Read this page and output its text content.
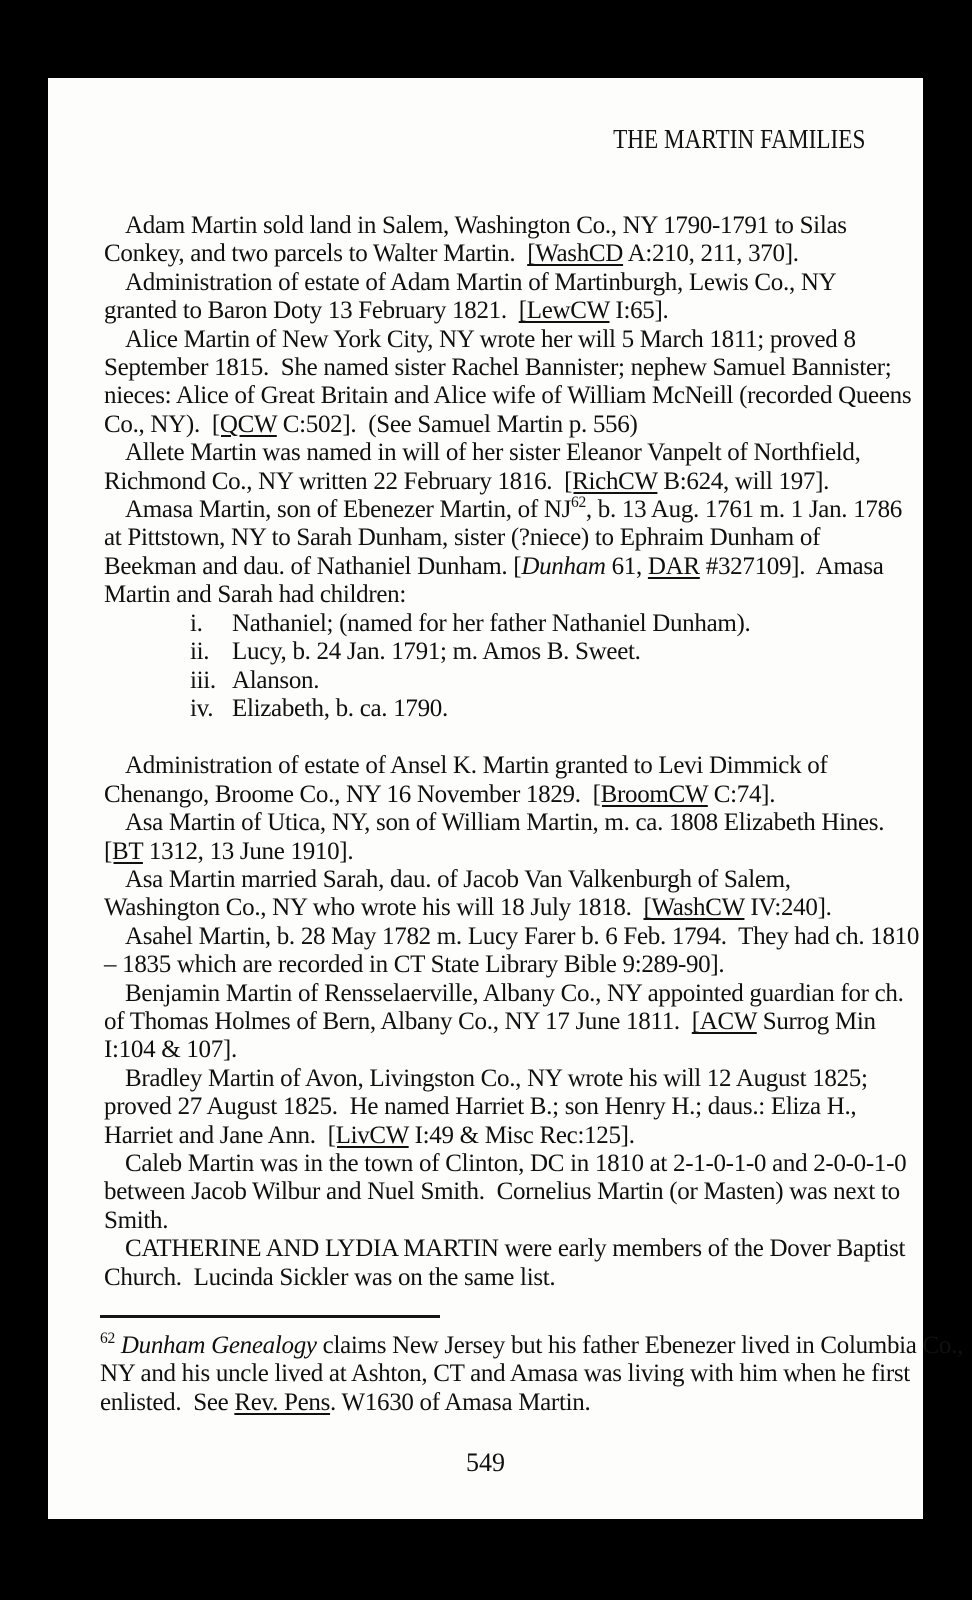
THE MARTIN FAMILIES
Adam Martin sold land in Salem, Washington Co., NY 1790-1791 to Silas
Conkey, and two parcels to Walter Martin.  [WashCD A:210, 211, 370].
Administration of estate of Adam Martin of Martinburgh, Lewis Co., NY
granted to Baron Doty 13 February 1821.  [LewCW I:65].
Alice Martin of New York City, NY wrote her will 5 March 1811; proved 8
September 1815.  She named sister Rachel Bannister; nephew Samuel Bannister;
nieces: Alice of Great Britain and Alice wife of William McNeill (recorded Queens
Co., NY).  [QCW C:502].  (See Samuel Martin p. 556)
Allete Martin was named in will of her sister Eleanor Vanpelt of Northfield,
Richmond Co., NY written 22 February 1816.  [RichCW B:624, will 197].
Amasa Martin, son of Ebenezer Martin, of NJ$^{62}$, b. 13 Aug. 1761 m. 1 Jan. 1786
at Pittstown, NY to Sarah Dunham, sister (?niece) to Ephraim Dunham of
Beekman and dau. of Nathaniel Dunham. [Dunham 61, DAR #327109].  Amasa
Martin and Sarah had children:
i.	Nathaniel; (named for her father Nathaniel Dunham).
ii. Lucy, b. 24 Jan. 1791; m. Amos B. Sweet.
iii. Alanson.
iv. Elizabeth, b. ca. 1790.
Administration of estate of Ansel K. Martin granted to Levi Dimmick of
Chenango, Broome Co., NY 16 November 1829.  [BroomCW C:74].
Asa Martin of Utica, NY, son of William Martin, m. ca. 1808 Elizabeth Hines.
[BT 1312, 13 June 1910].
Asa Martin married Sarah, dau. of Jacob Van Valkenburgh of Salem,
Washington Co., NY who wrote his will 18 July 1818.  [WashCW IV:240].
Asahel Martin, b. 28 May 1782 m. Lucy Farer b. 6 Feb. 1794.  They had ch. 1810
– 1835 which are recorded in CT State Library Bible 9:289-90].
Benjamin Martin of Rensselaerville, Albany Co., NY appointed guardian for ch.
of Thomas Holmes of Bern, Albany Co., NY 17 June 1811.  [ACW Surrog Min
I:104 & 107].
Bradley Martin of Avon, Livingston Co., NY wrote his will 12 August 1825;
proved 27 August 1825.  He named Harriet B.; son Henry H.; daus.: Eliza H.,
Harriet and Jane Ann.  [LivCW I:49 & Misc Rec:125].
Caleb Martin was in the town of Clinton, DC in 1810 at 2-1-0-1-0 and 2-0-0-1-0
between Jacob Wilbur and Nuel Smith.  Cornelius Martin (or Masten) was next to
Smith.
CATHERINE AND LYDIA MARTIN were early members of the Dover Baptist
Church.  Lucinda Sickler was on the same list.
$^{62}$ Dunham Genealogy claims New Jersey but his father Ebenezer lived in Columbia Co.,
NY and his uncle lived at Ashton, CT and Amasa was living with him when he first
enlisted.  See Rev. Pens. W1630 of Amasa Martin.
549
